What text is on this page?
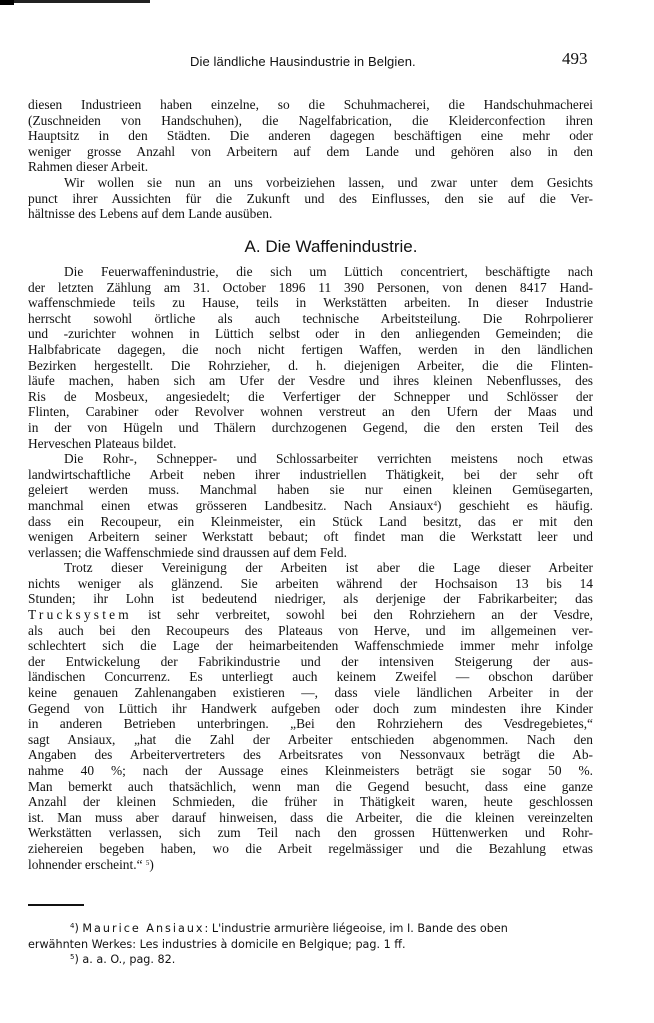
Die ländliche Hausindustrie in Belgien.	493
diesen Industrieen haben einzelne, so die Schuhmacherei, die Handschuhmacherei
(Zuschneiden von Handschuhen), die Nagelfabrication, die Kleiderconfection ihren
Hauptsitz in den Städten. Die anderen dagegen beschäftigen eine mehr oder
weniger grosse Anzahl von Arbeitern auf dem Lande und gehören also in den
Rahmen dieser Arbeit.
Wir wollen sie nun an uns vorbeiziehen lassen, und zwar unter dem Gesichts
punct ihrer Aussichten für die Zukunft und des Einflusses, den sie auf die Ver-
hältnisse des Lebens auf dem Lande ausüben.
A. Die Waffenindustrie.
Die Feuerwaffenindustrie, die sich um Lüttich concentriert, beschäftigte nach
der letzten Zählung am 31. October 1896 11 390 Personen, von denen 8417 Hand-
waffenschmiede teils zu Hause, teils in Werkstätten arbeiten. In dieser Industrie
herrscht sowohl örtliche als auch technische Arbeitsteilung. Die Rohrpolierer
und -zurichter wohnen in Lüttich selbst oder in den anliegenden Gemeinden; die
Halbfabricate dagegen, die noch nicht fertigen Waffen, werden in den ländlichen
Bezirken hergestellt. Die Rohrzieher, d. h. diejenigen Arbeiter, die die Flinten-
läufe machen, haben sich am Ufer der Vesdre und ihres kleinen Nebenflusses, des
Ris de Mosbeux, angesiedelt; die Verfertiger der Schnepper und Schlösser der
Flinten, Carabiner oder Revolver wohnen verstreut an den Ufern der Maas und
in der von Hügeln und Thälern durchzogenen Gegend, die den ersten Teil des
Herveschen Plateaus bildet.
Die Rohr-, Schnepper- und Schlossarbeiter verrichten meistens noch etwas
landwirtschaftliche Arbeit neben ihrer industriellen Thätigkeit, bei der sehr oft
geleiert werden muss. Manchmal haben sie nur einen kleinen Gemüsegarten,
manchmal einen etwas grösseren Landbesitz. Nach Ansiaux$^4$) geschieht es häufig.
dass ein Recoupeur, ein Kleinmeister, ein Stück Land besitzt, das er mit den
wenigen Arbeitern seiner Werkstatt bebaut; oft findet man die Werkstatt leer und
verlassen; die Waffenschmiede sind draussen auf dem Feld.
Trotz dieser Vereinigung der Arbeiten ist aber die Lage dieser Arbeiter
nichts weniger als glänzend. Sie arbeiten während der Hochsaison 13 bis 14
Stunden; ihr Lohn ist bedeutend niedriger, als derjenige der Fabrikarbeiter; das
Trucksystem ist sehr verbreitet, sowohl bei den Rohrziehern an der Vesdre,
als auch bei den Recoupeurs des Plateaus von Herve, und im allgemeinen ver-
schlechtert sich die Lage der heimarbeitenden Waffenschmiede immer mehr infolge
der Entwickelung der Fabrikindustrie und der intensiven Steigerung der aus-
ländischen Concurrenz. Es unterliegt auch keinem Zweifel — obschon darüber
keine genauen Zahlenangaben existieren —, dass viele ländlichen Arbeiter in der
Gegend von Lüttich ihr Handwerk aufgeben oder doch zum mindesten ihre Kinder
in anderen Betrieben unterbringen. „Bei den Rohrziehern des Vesdregebietes,“
sagt Ansiaux, „hat die Zahl der Arbeiter entschieden abgenommen. Nach den
Angaben des Arbeitervertreters des Arbeitsrates von Nessonvaux beträgt die Ab-
nahme 40 %; nach der Aussage eines Kleinmeisters beträgt sie sogar 50 %.
Man bemerkt auch thatsächlich, wenn man die Gegend besucht, dass eine ganze
Anzahl der kleinen Schmieden, die früher in Thätigkeit waren, heute geschlossen
ist. Man muss aber darauf hinweisen, dass die Arbeiter, die die kleinen vereinzelten
Werkstätten verlassen, sich zum Teil nach den grossen Hüttenwerken und Rohr-
ziehereien begeben haben, wo die Arbeit regelmässiger und die Bezahlung etwas
lohnender erscheint.“ $^5$)
$^4$) Maurice Ansiaux: L'industrie armurière liégeoise, im I. Bande des oben
erwähnten Werkes: Les industries à domicile en Belgique; pag. 1 ff.
$^5$) a. a. O., pag. 82.
